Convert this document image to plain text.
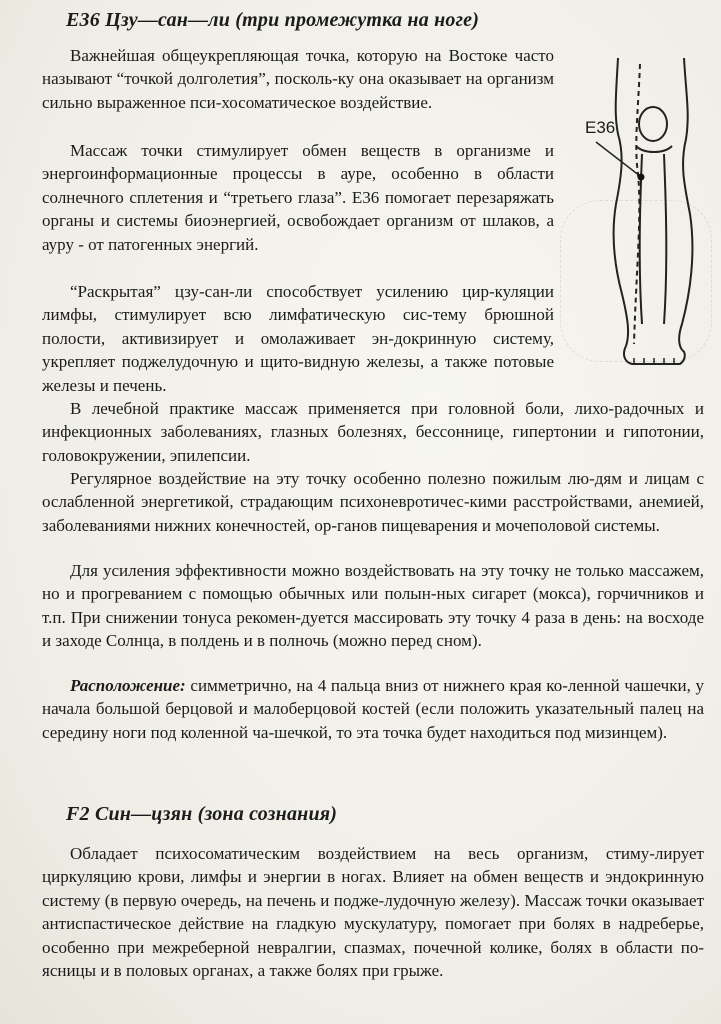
E36 Цзу—сан—ли (три промежутка на ноге)
E36

Важнейшая общеукрепляющая точка, которую на Востоке часто называют “точкой долголетия”, посколь-ку она оказывает на организм сильно выраженное пси-хосоматическое воздействие.

Массаж точки стимулирует обмен веществ в организме и энергоинформационные процессы в ауре, особенно в области солнечного сплетения и “третьего глаза”. E36 помогает перезаряжать органы и системы биоэнергией, освобождает организм от шлаков, а ауру - от патогенных энергий.

“Раскрытая” цзу-сан-ли способствует усилению цир-куляции лимфы, стимулирует всю лимфатическую сис-тему брюшной полости, активизирует и омолаживает эн-докринную систему, укрепляет поджелудочную и щито-видную железы, а также потовые железы и печень.

В лечебной практике массаж применяется при головной боли, лихо-радочных и инфекционных заболеваниях, глазных болезнях, бессоннице, гипертонии и гипотонии, головокружении, эпилепсии.

Регулярное воздействие на эту точку особенно полезно пожилым лю-дям и лицам с ослабленной энергетикой, страдающим психоневротичес-кими расстройствами, анемией, заболеваниями нижних конечностей, ор-ганов пищеварения и мочеполовой системы.

Для усиления эффективности можно воздействовать на эту точку не только массажем, но и прогреванием с помощью обычных или полын-ных сигарет (мокса), горчичников и т.п. При снижении тонуса рекомен-дуется массировать эту точку 4 раза в день: на восходе и заходе Солнца, в полдень и в полночь (можно перед сном).

Расположение: симметрично, на 4 пальца вниз от нижнего края ко-ленной чашечки, у начала большой берцовой и малоберцовой костей (если положить указательный палец на середину ноги под коленной ча-шечкой, то эта точка будет находиться под мизинцем).

F2 Син—цзян (зона сознания)

Обладает психосоматическим воздействием на весь организм, стиму-лирует циркуляцию крови, лимфы и энергии в ногах. Влияет на обмен веществ и эндокринную систему (в первую очередь, на печень и подже-лудочную железу). Массаж точки оказывает антиспастическое действие на гладкую мускулатуру, помогает при болях в надреберье, особенно при межреберной невралгии, спазмах, почечной колике, болях в области по-ясницы и в половых органах, а также болях при грыже.
